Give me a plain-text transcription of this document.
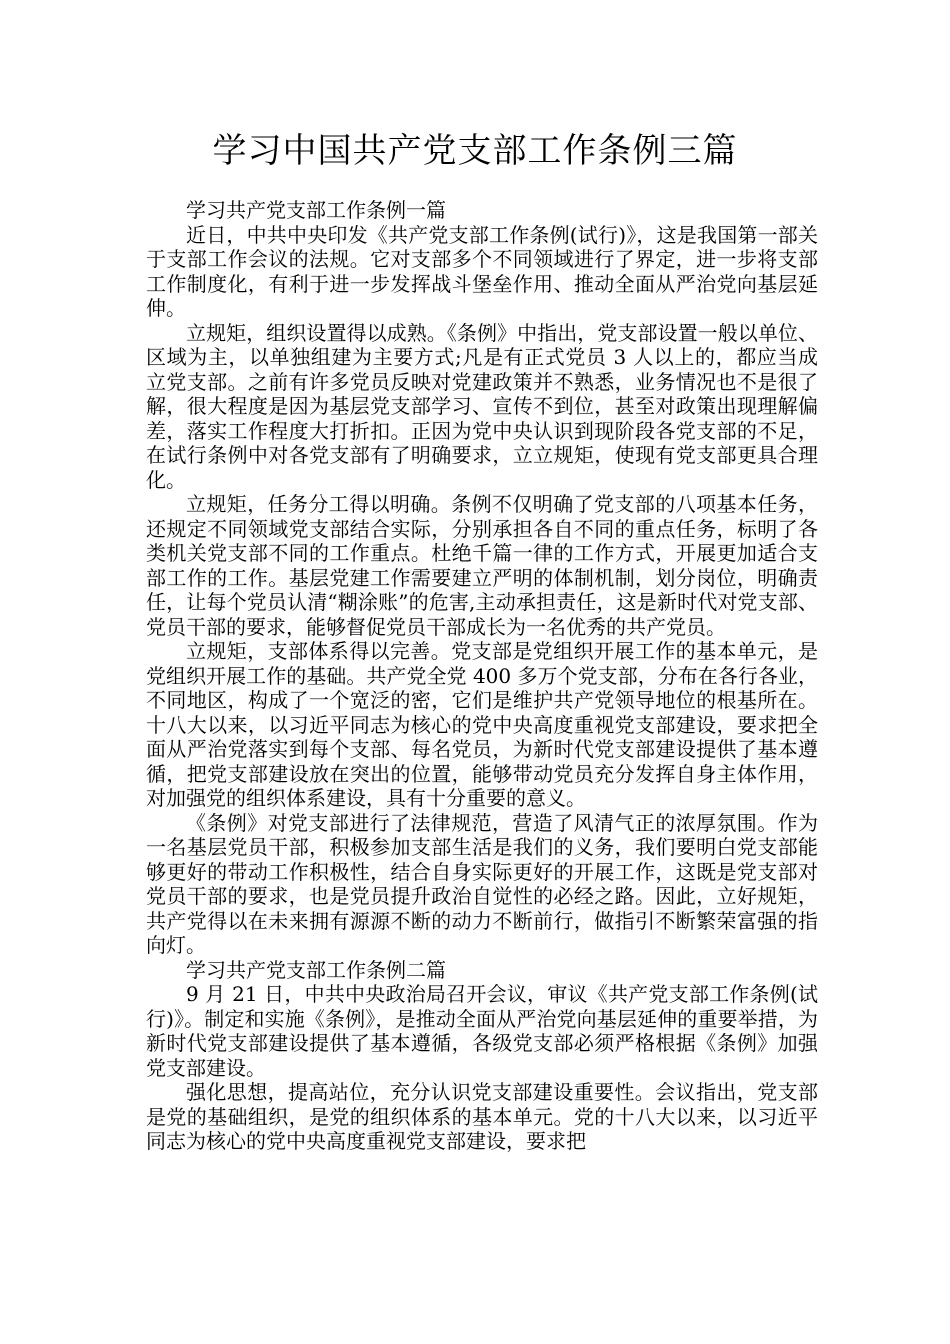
学习中国共产党支部工作条例三篇

学习共产党支部工作条例一篇

近日，中共中央印发《共产党支部工作条例(试行)》，这是我国第一部关于支部工作会议的法规。它对支部多个不同领域进行了界定，进一步将支部工作制度化，有利于进一步发挥战斗堡垒作用、推动全面从严治党向基层延伸。

立规矩，组织设置得以成熟。《条例》中指出，党支部设置一般以单位、区域为主，以单独组建为主要方式;凡是有正式党员 3 人以上的，都应当成立党支部。之前有许多党员反映对党建政策并不熟悉，业务情况也不是很了解，很大程度是因为基层党支部学习、宣传不到位，甚至对政策出现理解偏差，落实工作程度大打折扣。正因为党中央认识到现阶段各党支部的不足，在试行条例中对各党支部有了明确要求，立立规矩，使现有党支部更具合理化。

立规矩，任务分工得以明确。条例不仅明确了党支部的八项基本任务，还规定不同领域党支部结合实际，分别承担各自不同的重点任务，标明了各类机关党支部不同的工作重点。杜绝千篇一律的工作方式，开展更加适合支部工作的工作。基层党建工作需要建立严明的体制机制，划分岗位，明确责任，让每个党员认清“糊涂账”的危害,主动承担责任，这是新时代对党支部、党员干部的要求，能够督促党员干部成长为一名优秀的共产党员。

立规矩，支部体系得以完善。党支部是党组织开展工作的基本单元，是党组织开展工作的基础。共产党全党 400 多万个党支部，分布在各行各业，不同地区，构成了一个宽泛的密，它们是维护共产党领导地位的根基所在。十八大以来，以习近平同志为核心的党中央高度重视党支部建设，要求把全面从严治党落实到每个支部、每名党员，为新时代党支部建设提供了基本遵循，把党支部建设放在突出的位置，能够带动党员充分发挥自身主体作用，对加强党的组织体系建设，具有十分重要的意义。

《条例》对党支部进行了法律规范，营造了风清气正的浓厚氛围。作为一名基层党员干部，积极参加支部生活是我们的义务，我们要明白党支部能够更好的带动工作积极性，结合自身实际更好的开展工作，这既是党支部对党员干部的要求，也是党员提升政治自觉性的必经之路。因此，立好规矩，共产党得以在未来拥有源源不断的动力不断前行，做指引不断繁荣富强的指向灯。

学习共产党支部工作条例二篇

9 月 21 日，中共中央政治局召开会议，审议《共产党支部工作条例(试行)》。制定和实施《条例》，是推动全面从严治党向基层延伸的重要举措，为新时代党支部建设提供了基本遵循，各级党支部必须严格根据《条例》加强党支部建设。

强化思想，提高站位，充分认识党支部建设重要性。会议指出，党支部是党的基础组织，是党的组织体系的基本单元。党的十八大以来，以习近平同志为核心的党中央高度重视党支部建设，要求把
